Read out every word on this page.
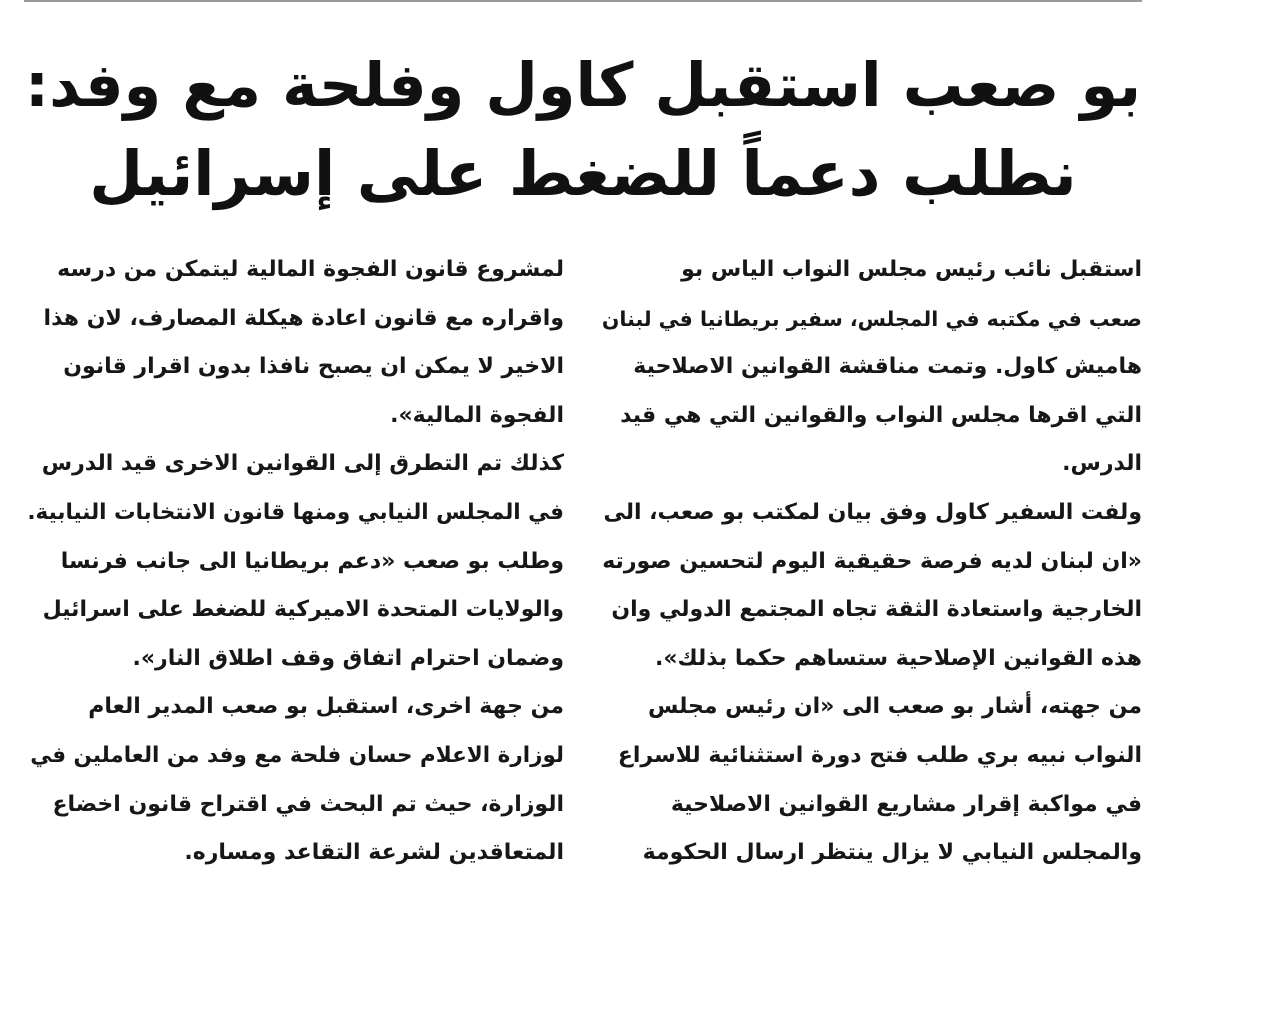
بو صعب استقبل كاول وفلحة مع وفد:
نطلب دعماً للضغط على إسرائيل
استقبل نائب رئيس مجلس النواب الياس بو
صعب في مكتبه في المجلس، سفير بريطانيا في لبنان
هاميش كاول. وتمت مناقشة القوانين الاصلاحية
التي اقرها مجلس النواب والقوانين التي هي قيد
الدرس.
ولفت السفير كاول وفق بيان لمكتب بو صعب، الى
«ان لبنان لديه فرصة حقيقية اليوم لتحسين صورته
الخارجية واستعادة الثقة تجاه المجتمع الدولي وان
هذه القوانين الإصلاحية ستساهم حكما بذلك».
من جهته، أشار بو صعب الى «ان رئيس مجلس
النواب نبيه بري طلب فتح دورة استثنائية للاسراع
في مواكبة إقرار مشاريع القوانين الاصلاحية
والمجلس النيابي لا يزال ينتظر ارسال الحكومة
لمشروع قانون الفجوة المالية ليتمكن من درسه
واقراره مع قانون اعادة هيكلة المصارف، لان هذا
الاخير لا يمكن ان يصبح نافذا بدون اقرار قانون
الفجوة المالية».
كذلك تم التطرق إلى القوانين الاخرى قيد الدرس
في المجلس النيابي ومنها قانون الانتخابات النيابية.
وطلب بو صعب «دعم بريطانيا الى جانب فرنسا
والولايات المتحدة الاميركية للضغط على اسرائيل
وضمان احترام اتفاق وقف اطلاق النار».
من جهة اخرى، استقبل بو صعب المدير العام
لوزارة الاعلام حسان فلحة مع وفد من العاملين في
الوزارة، حيث تم البحث في اقتراح قانون اخضاع
المتعاقدين لشرعة التقاعد ومساره.
